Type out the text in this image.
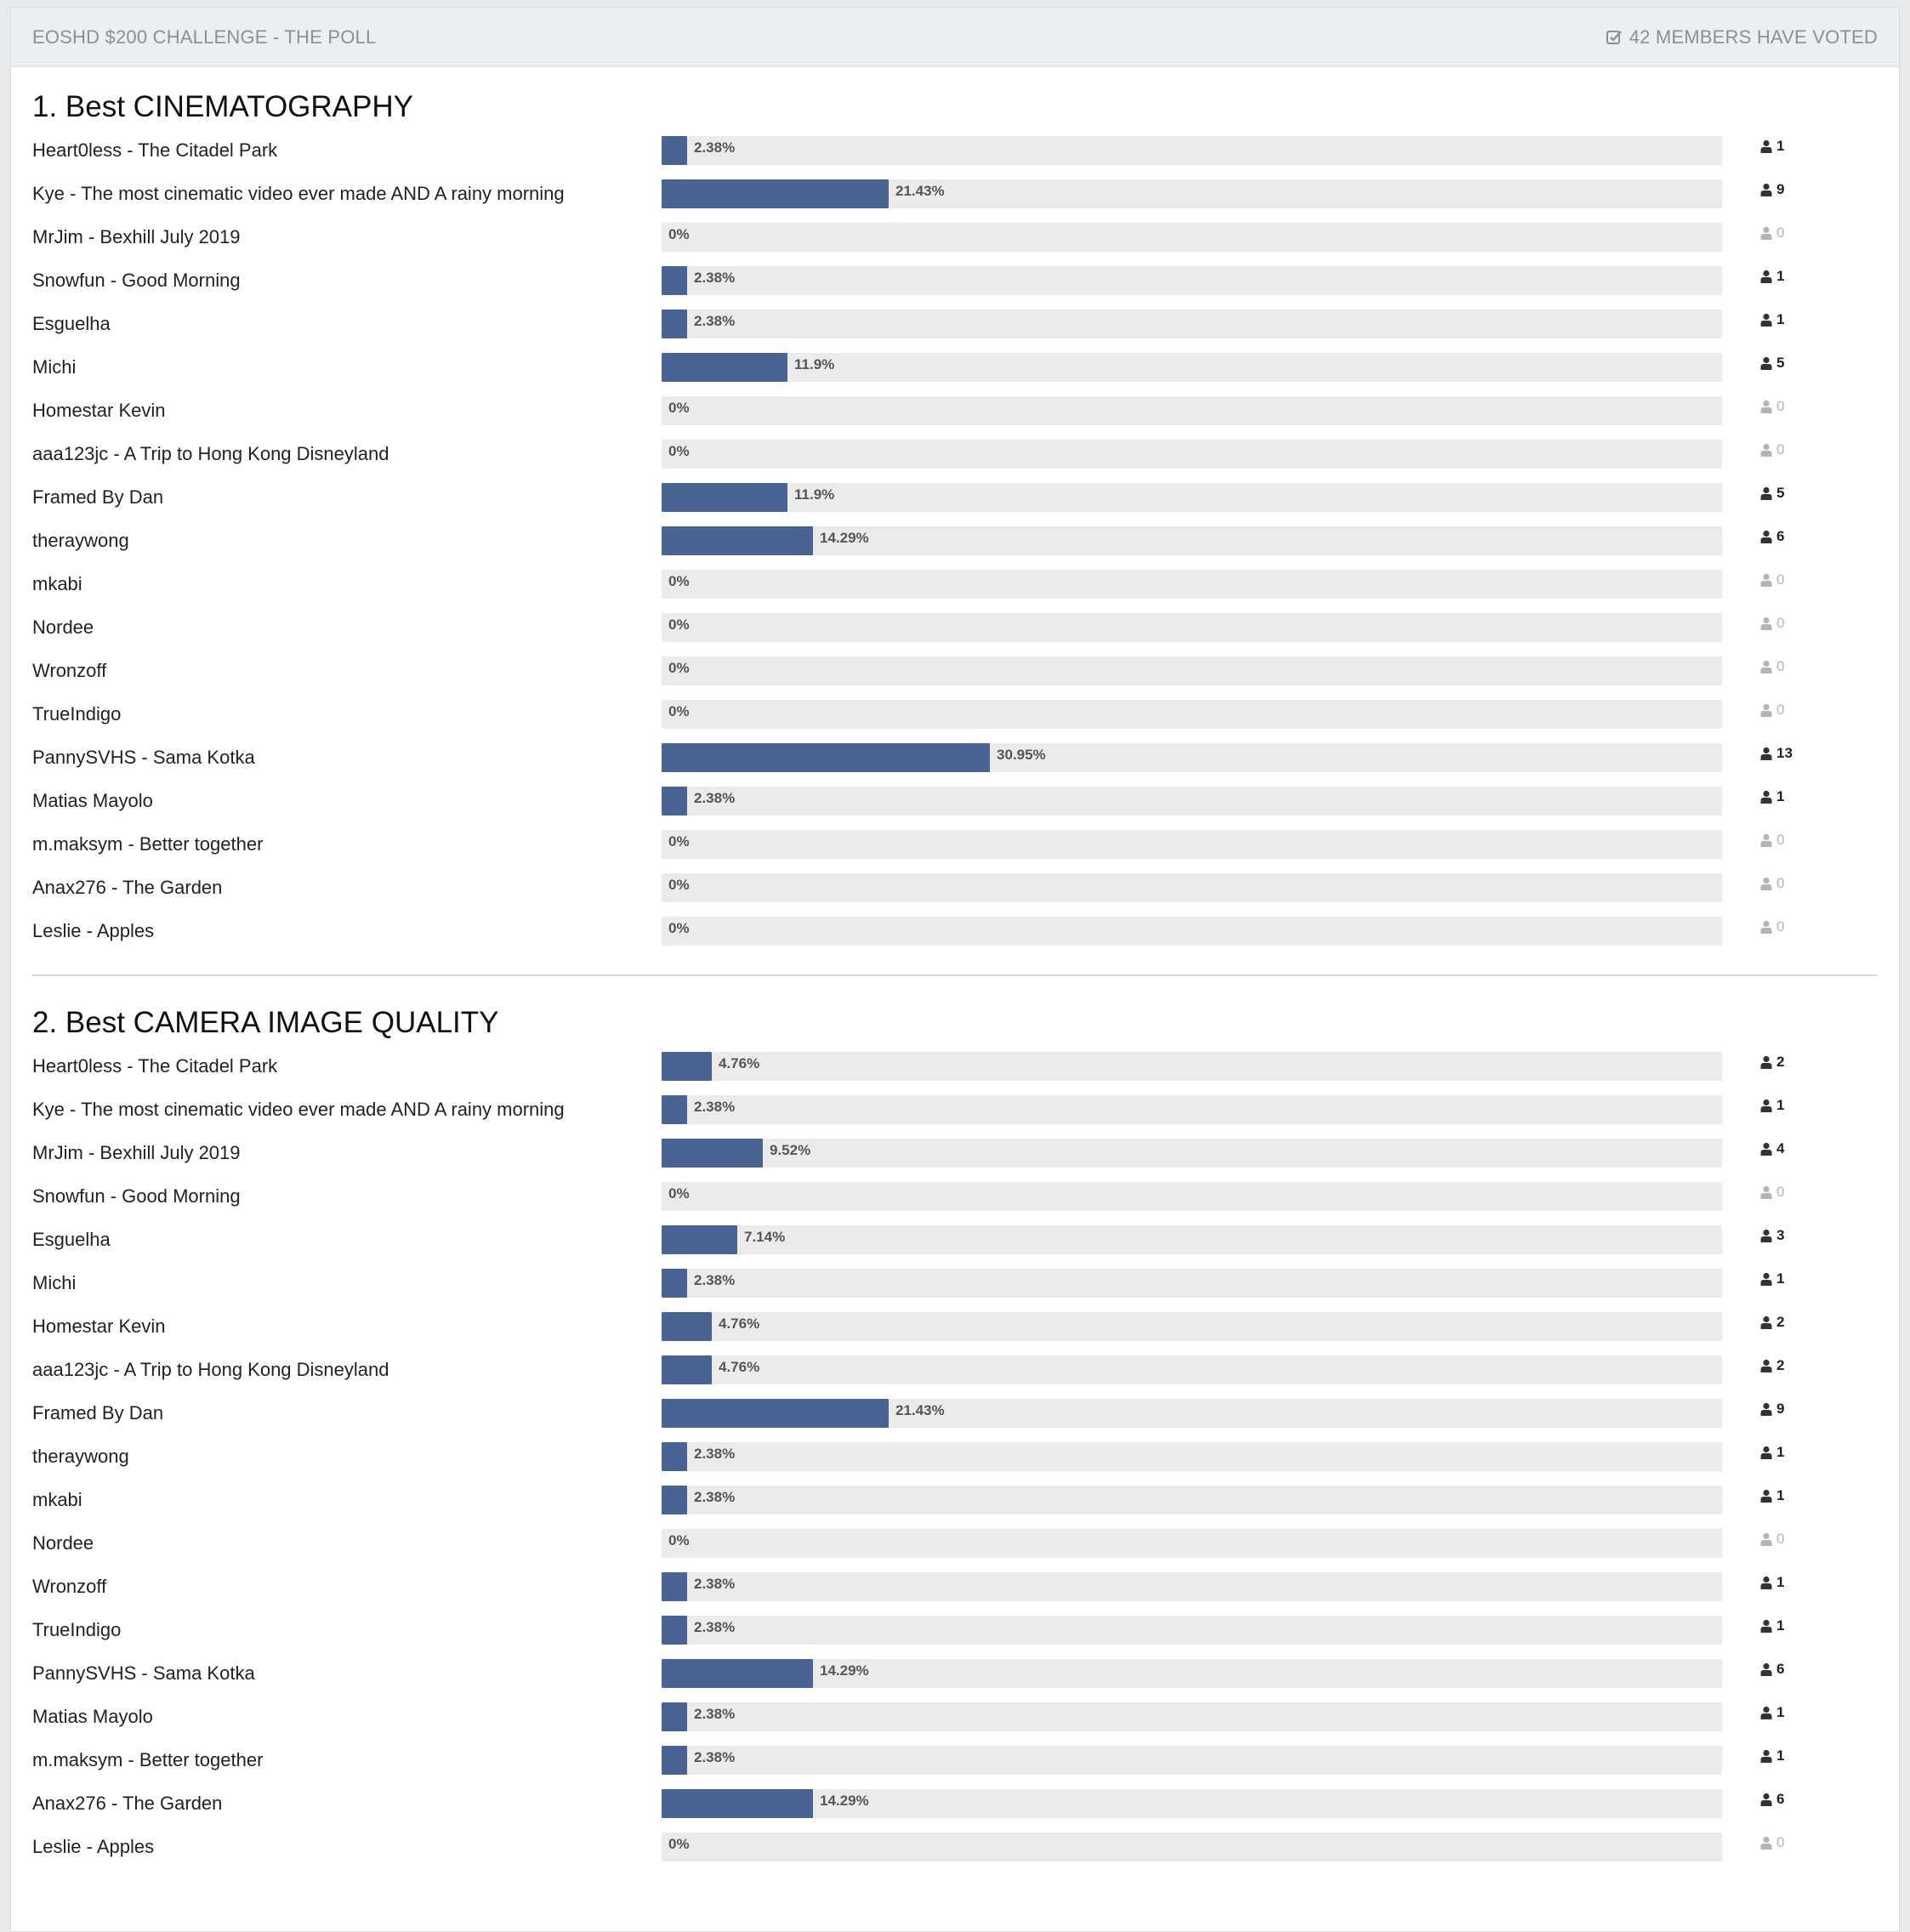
EOSHD $200 CHALLENGE - THE POLL	42 MEMBERS HAVE VOTED
1. Best CINEMATOGRAPHY
Heart0less - The Citadel Park	2.38%	1
Kye - The most cinematic video ever made AND A rainy morning	21.43%	9
MrJim - Bexhill July 2019	0%	0
Snowfun - Good Morning	2.38%	1
Esguelha	2.38%	1
Michi	11.9%	5
Homestar Kevin	0%	0
aaa123jc - A Trip to Hong Kong Disneyland	0%	0
Framed By Dan	11.9%	5
theraywong	14.29%	6
mkabi	0%	0
Nordee	0%	0
Wronzoff	0%	0
TrueIndigo	0%	0
PannySVHS - Sama Kotka	30.95%	13
Matias Mayolo	2.38%	1
m.maksym - Better together	0%	0
Anax276 - The Garden	0%	0
Leslie - Apples	0%	0
2. Best CAMERA IMAGE QUALITY
Heart0less - The Citadel Park	4.76%	2
Kye - The most cinematic video ever made AND A rainy morning	2.38%	1
MrJim - Bexhill July 2019	9.52%	4
Snowfun - Good Morning	0%	0
Esguelha	7.14%	3
Michi	2.38%	1
Homestar Kevin	4.76%	2
aaa123jc - A Trip to Hong Kong Disneyland	4.76%	2
Framed By Dan	21.43%	9
theraywong	2.38%	1
mkabi	2.38%	1
Nordee	0%	0
Wronzoff	2.38%	1
TrueIndigo	2.38%	1
PannySVHS - Sama Kotka	14.29%	6
Matias Mayolo	2.38%	1
m.maksym - Better together	2.38%	1
Anax276 - The Garden	14.29%	6
Leslie - Apples	0%	0
